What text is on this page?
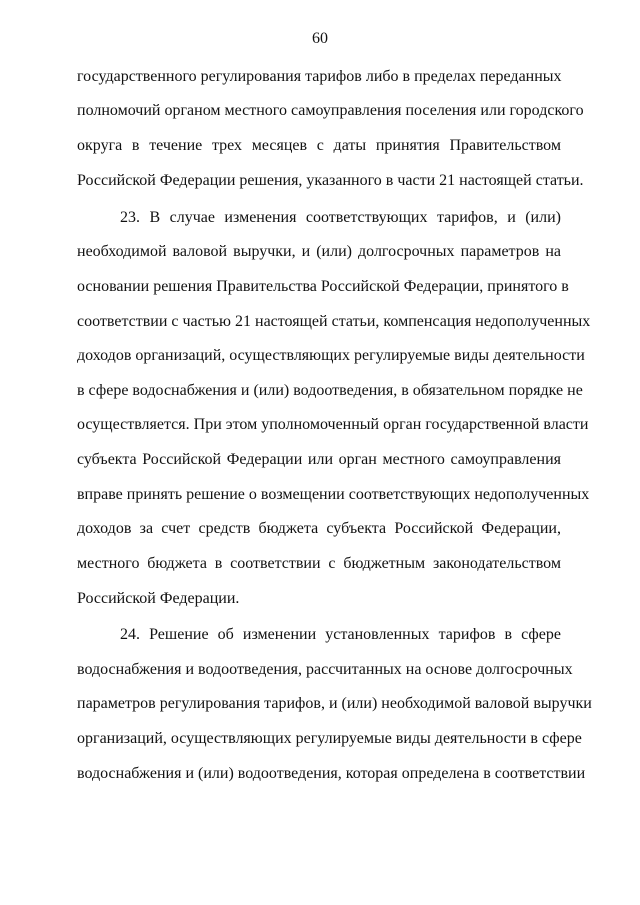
60
государственного регулирования тарифов либо в пределах переданных
полномочий органом местного самоуправления поселения или городского
округа в течение трех месяцев с даты принятия Правительством
Российской Федерации решения, указанного в части 21 настоящей статьи.
23. В случае изменения соответствующих тарифов, и (или)
необходимой валовой выручки, и (или) долгосрочных параметров на
основании решения Правительства Российской Федерации, принятого в
соответствии с частью 21 настоящей статьи, компенсация недополученных
доходов организаций, осуществляющих регулируемые виды деятельности
в сфере водоснабжения и (или) водоотведения, в обязательном порядке не
осуществляется. При этом уполномоченный орган государственной власти
субъекта Российской Федерации или орган местного самоуправления
вправе принять решение о возмещении соответствующих недополученных
доходов за счет средств бюджета субъекта Российской Федерации,
местного бюджета в соответствии с бюджетным законодательством
Российской Федерации.
24. Решение об изменении установленных тарифов в сфере
водоснабжения и водоотведения, рассчитанных на основе долгосрочных
параметров регулирования тарифов, и (или) необходимой валовой выручки
организаций, осуществляющих регулируемые виды деятельности в сфере
водоснабжения и (или) водоотведения, которая определена в соответствии
